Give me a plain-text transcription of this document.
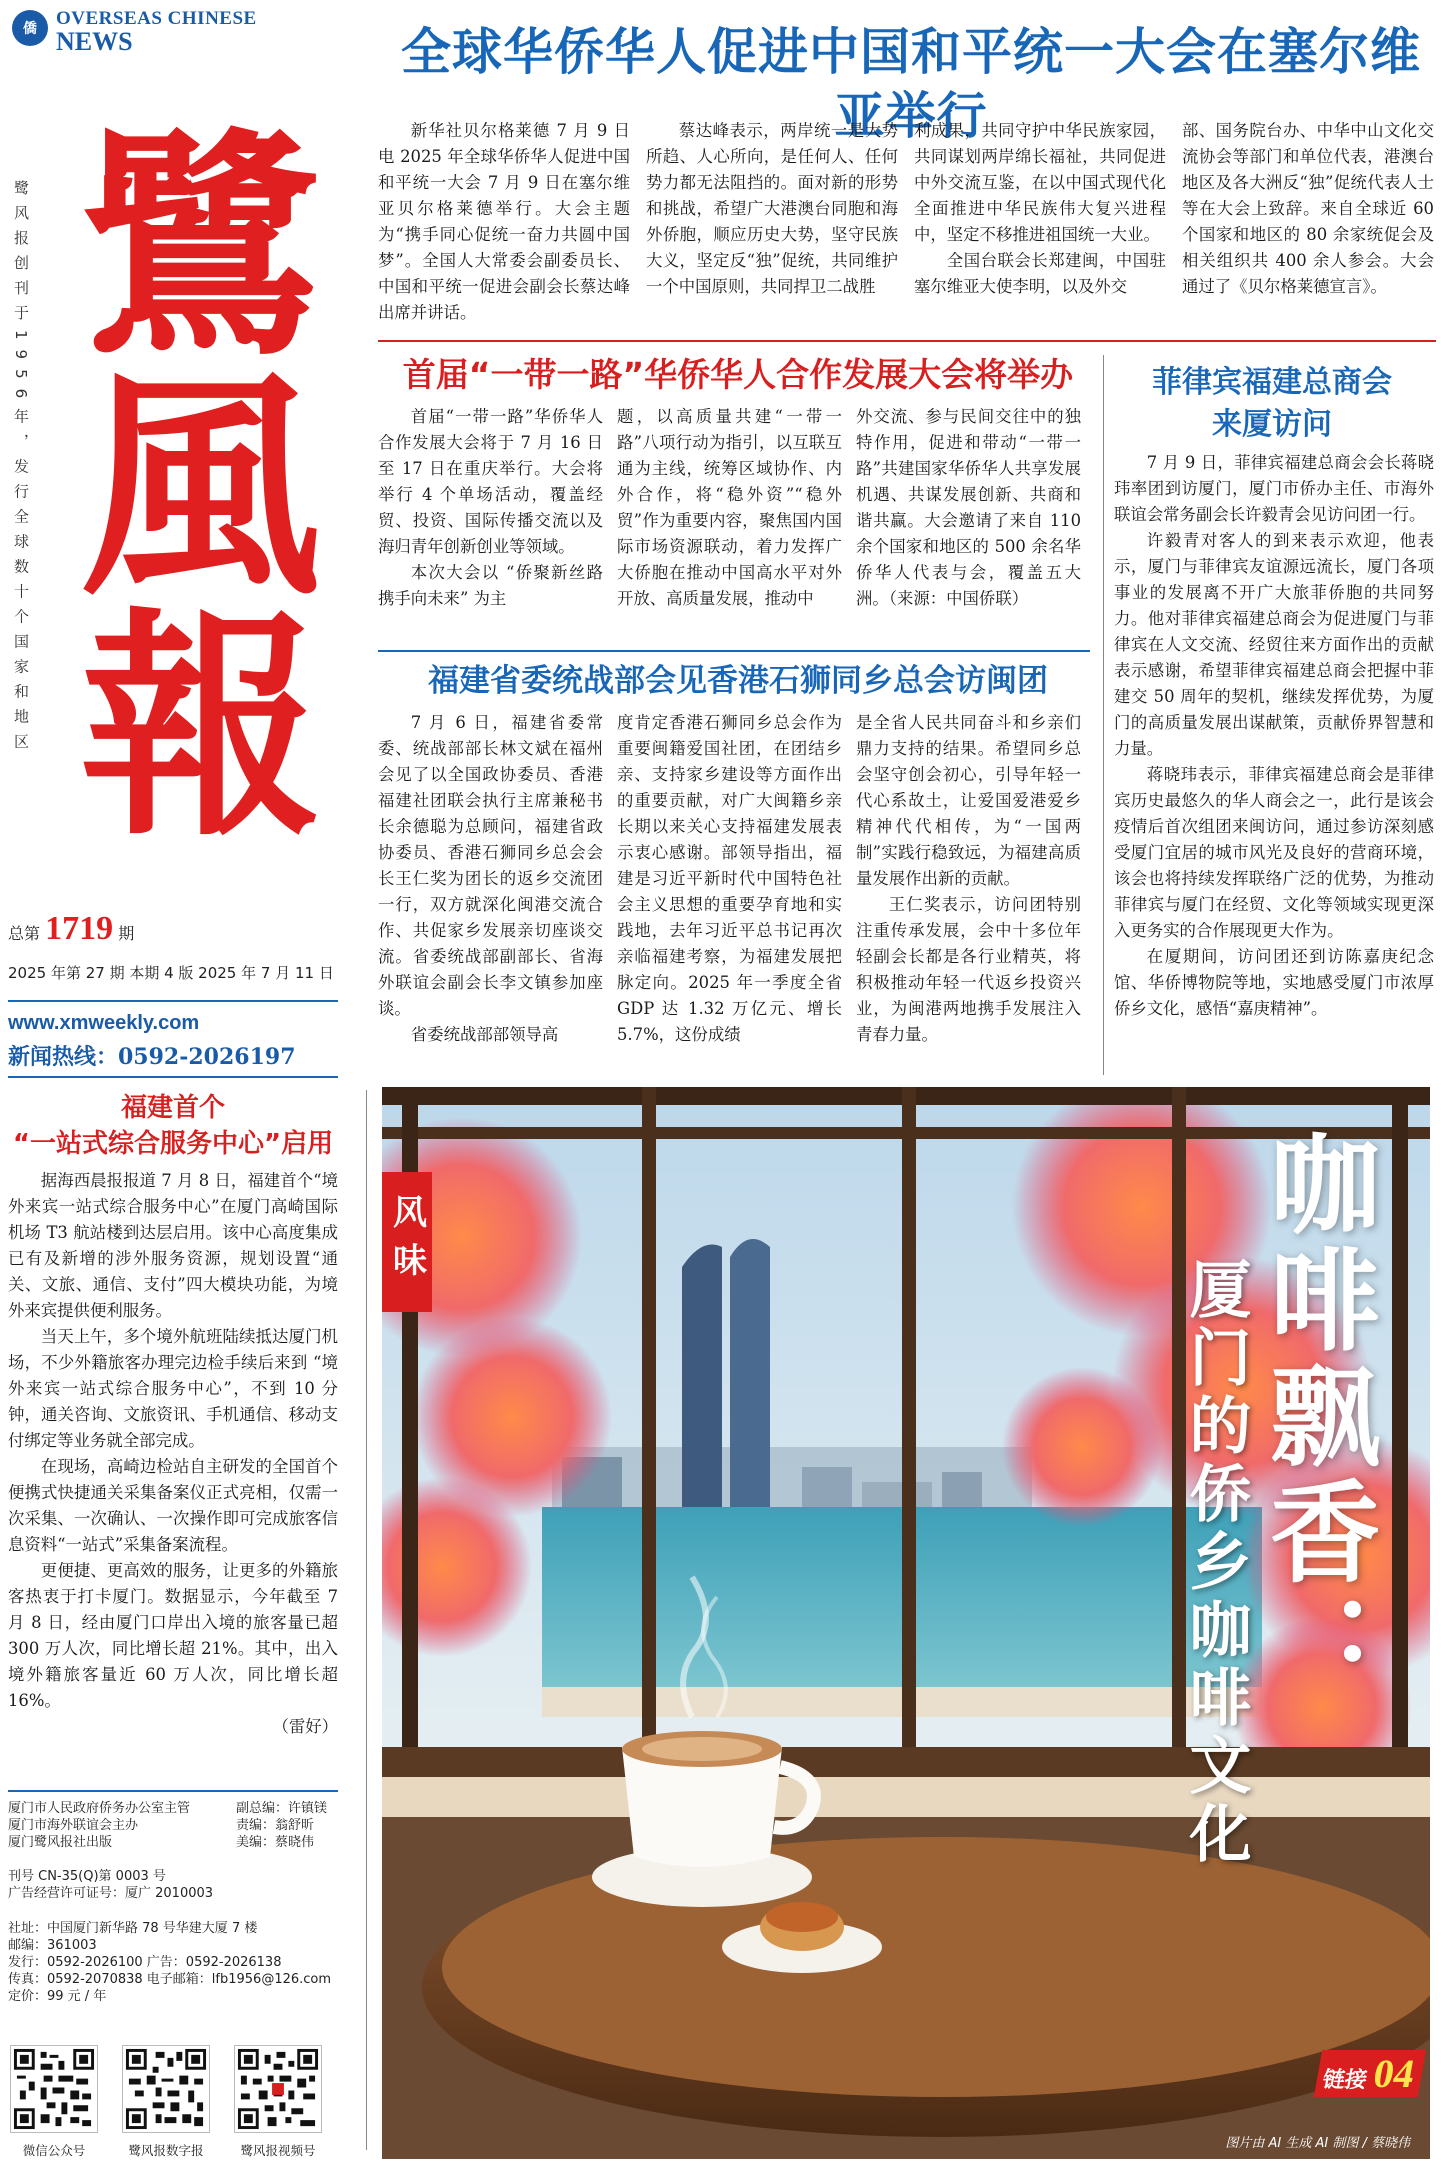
僑	OVERSEAS CHINESE
NEWS
鹭风报创刊于1956年，发行全球数十个国家和地区 鷺風報
总第 1719 期
2025 年第 27 期 本期 4 版 2025 年 7 月 11 日
www.xmweekly.com
新闻热线：0592-2026197
全球华侨华人促进中国和平统一大会在塞尔维亚举行

新华社贝尔格莱德 7 月 9 日电 2025 年全球华侨华人促进中国和平统一大会 7 月 9 日在塞尔维亚贝尔格莱德举行。大会主题为“携手同心促统一奋力共圆中国梦”。全国人大常委会副委员长、中国和平统一促进会副会长蔡达峰出席并讲话。

蔡达峰表示，两岸统一是大势所趋、人心所向，是任何人、任何势力都无法阻挡的。面对新的形势和挑战，希望广大港澳台同胞和海外侨胞，顺应历史大势，坚守民族大义，坚定反“独”促统，共同维护一个中国原则，共同捍卫二战胜

利成果，共同守护中华民族家园，共同谋划两岸绵长福祉，共同促进中外交流互鉴，在以中国式现代化全面推进中华民族伟大复兴进程中，坚定不移推进祖国统一大业。

全国台联会长郑建闽，中国驻塞尔维亚大使李明，以及外交

部、国务院台办、中华中山文化交流协会等部门和单位代表，港澳台地区及各大洲反“独”促统代表人士等在大会上致辞。来自全球近 60 个国家和地区的 80 余家统促会及相关组织共 400 余人参会。大会通过了《贝尔格莱德宣言》。

首届“一带一路”华侨华人合作发展大会将举办

首届“一带一路”华侨华人合作发展大会将于 7 月 16 日至 17 日在重庆举行。大会将举行 4 个单场活动，覆盖经贸、投资、国际传播交流以及海归青年创新创业等领域。

本次大会以 “侨聚新丝路 携手向未来” 为主

题，以高质量共建“一带一路”八项行动为指引，以互联互通为主线，统筹区域协作、内外合作，将“稳外资”“稳外贸”作为重要内容，聚焦国内国际市场资源联动，着力发挥广大侨胞在推动中国高水平对外开放、高质量发展，推动中

外交流、参与民间交往中的独特作用，促进和带动“一带一路”共建国家华侨华人共享发展机遇、共谋发展创新、共商和谐共赢。大会邀请了来自 110 余个国家和地区的 500 余名华侨华人代表与会，覆盖五大洲。（来源：中国侨联）

菲律宾福建总商会
来厦访问

7 月 9 日，菲律宾福建总商会会长蒋晓玮率团到访厦门，厦门市侨办主任、市海外联谊会常务副会长许毅青会见访问团一行。

许毅青对客人的到来表示欢迎，他表示，厦门与菲律宾友谊源远流长，厦门各项事业的发展离不开广大旅菲侨胞的共同努力。他对菲律宾福建总商会为促进厦门与菲律宾在人文交流、经贸往来方面作出的贡献表示感谢，希望菲律宾福建总商会把握中菲建交 50 周年的契机，继续发挥优势，为厦门的高质量发展出谋献策，贡献侨界智慧和力量。

蒋晓玮表示，菲律宾福建总商会是菲律宾历史最悠久的华人商会之一，此行是该会疫情后首次组团来闽访问，通过参访深刻感受厦门宜居的城市风光及良好的营商环境，该会也将持续发挥联络广泛的优势，为推动菲律宾与厦门在经贸、文化等领域实现更深入更务实的合作展现更大作为。

在厦期间，访问团还到访陈嘉庚纪念馆、华侨博物院等地，实地感受厦门市浓厚侨乡文化，感悟“嘉庚精神”。

福建省委统战部会见香港石狮同乡总会访闽团

7 月 6 日，福建省委常委、统战部部长林文斌在福州会见了以全国政协委员、香港福建社团联会执行主席兼秘书长余德聪为总顾问，福建省政协委员、香港石狮同乡总会会长王仁奖为团长的返乡交流团一行，双方就深化闽港交流合作、共促家乡发展亲切座谈交流。省委统战部副部长、省海外联谊会副会长李文镇参加座谈。

省委统战部部领导高

度肯定香港石狮同乡总会作为重要闽籍爱国社团，在团结乡亲、支持家乡建设等方面作出的重要贡献，对广大闽籍乡亲长期以来关心支持福建发展表示衷心感谢。部领导指出，福建是习近平新时代中国特色社会主义思想的重要孕育地和实践地，去年习近平总书记再次亲临福建考察，为福建发展把脉定向。2025 年一季度全省 GDP 达 1.32 万亿元、增长 5.7%，这份成绩

是全省人民共同奋斗和乡亲们鼎力支持的结果。希望同乡总会坚守创会初心，引导年轻一代心系故土，让爱国爱港爱乡精神代代相传，为“一国两制”实践行稳致远，为福建高质量发展作出新的贡献。

王仁奖表示，访问团特别注重传承发展，会中十多位年轻副会长都是各行业精英，将积极推动年轻一代返乡投资兴业，为闽港两地携手发展注入青春力量。

福建首个
“一站式综合服务中心”启用

据海西晨报报道 7 月 8 日，福建首个“境外来宾一站式综合服务中心”在厦门高崎国际机场 T3 航站楼到达层启用。该中心高度集成已有及新增的涉外服务资源，规划设置“通关、文旅、通信、支付”四大模块功能，为境外来宾提供便利服务。

当天上午，多个境外航班陆续抵达厦门机场，不少外籍旅客办理完边检手续后来到 “境外来宾一站式综合服务中心”，不到 10 分钟，通关咨询、文旅资讯、手机通信、移动支付绑定等业务就全部完成。

在现场，高崎边检站自主研发的全国首个便携式快捷通关采集备案仪正式亮相，仅需一次采集、一次确认、一次操作即可完成旅客信息资料“一站式”采集备案流程。

更便捷、更高效的服务，让更多的外籍旅客热衷于打卡厦门。数据显示，今年截至 7 月 8 日，经由厦门口岸出入境的旅客量已超 300 万人次，同比增长超 21%。其中，出入境外籍旅客量近 60 万人次，同比增长超 16%。

（雷好）
厦门市人民政府侨务办公室主管
厦门市海外联谊会主办
厦门鹭风报社出版
副总编：许镇镁
责编：翁舒昕
美编：蔡晓伟
刊号 CN-35(Q)第 0003 号
广告经营许可证号：厦广 2010003
社址：中国厦门新华路 78 号华建大厦 7 楼
邮编：361003
发行：0592-2026100 广告：0592-2026138
传真：0592-2070838 电子邮箱：lfb1956@126.com
定价：99 元 / 年
微信公众号	鹭风报数字报	鹭风报视频号
风味	咖啡飘香：
厦门的侨乡咖啡文化
链接 04
图片由 AI 生成 AI 制图 / 蔡晓伟
